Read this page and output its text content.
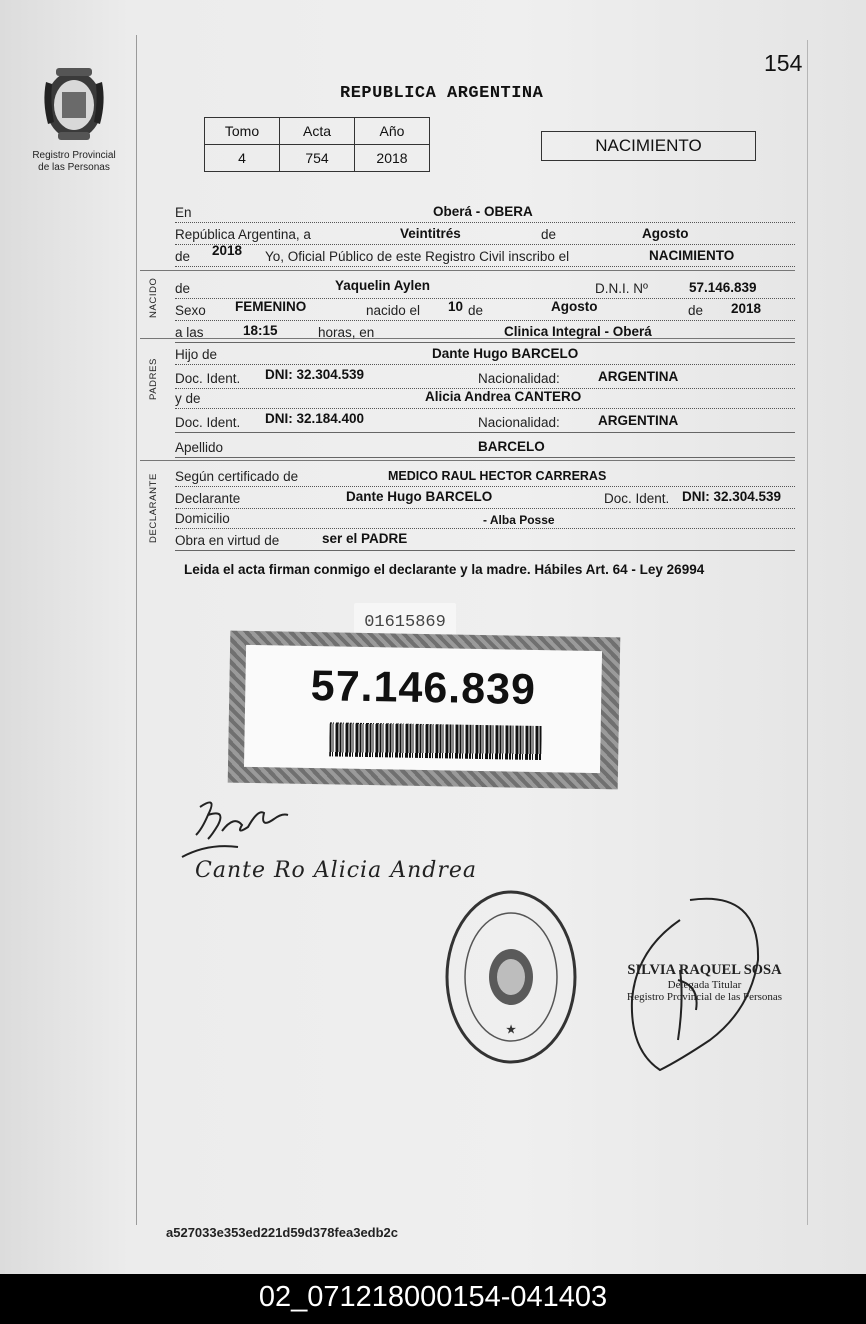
Registro Provincial
de las Personas
154
REPUBLICA ARGENTINA
Tomo	Acta	Año
4	754	2018
NACIMIENTO
NACIDO
PADRES
DECLARANTE
En	Oberá - OBERA
República Argentina, a	Veintitrés	de	Agosto
de 2018 Yo, Oficial Público de este Registro Civil inscribo el	NACIMIENTO
de	Yaquelin Aylen	D.N.I. Nº	57.146.839
Sexo FEMENINO	nacido el 10 de	Agosto	de 2018
a las	18:15	horas, en	Clinica Integral - Oberá
Hijo de	Dante Hugo BARCELO
Doc. Ident. DNI: 32.304.539	Nacionalidad:	ARGENTINA
y de	Alicia Andrea CANTERO
Doc. Ident. DNI: 32.184.400	Nacionalidad:	ARGENTINA
Apellido	BARCELO
Según certificado de	MEDICO RAUL HECTOR CARRERAS
Declarante	Dante Hugo BARCELO	Doc. Ident. DNI: 32.304.539
Domicilio	- Alba Posse
Obra en virtud de	ser el PADRE
Leida el acta firman conmigo el declarante y la madre. Hábiles Art. 64 - Ley 26994
01615869
57.146.839
Cante Ro Alicia Andrea
★
SILVIA RAQUEL SOSA
Delegada Titular
Registro Provincial de las Personas
a527033e353ed221d59d378fea3edb2c
02_071218000154-041403
